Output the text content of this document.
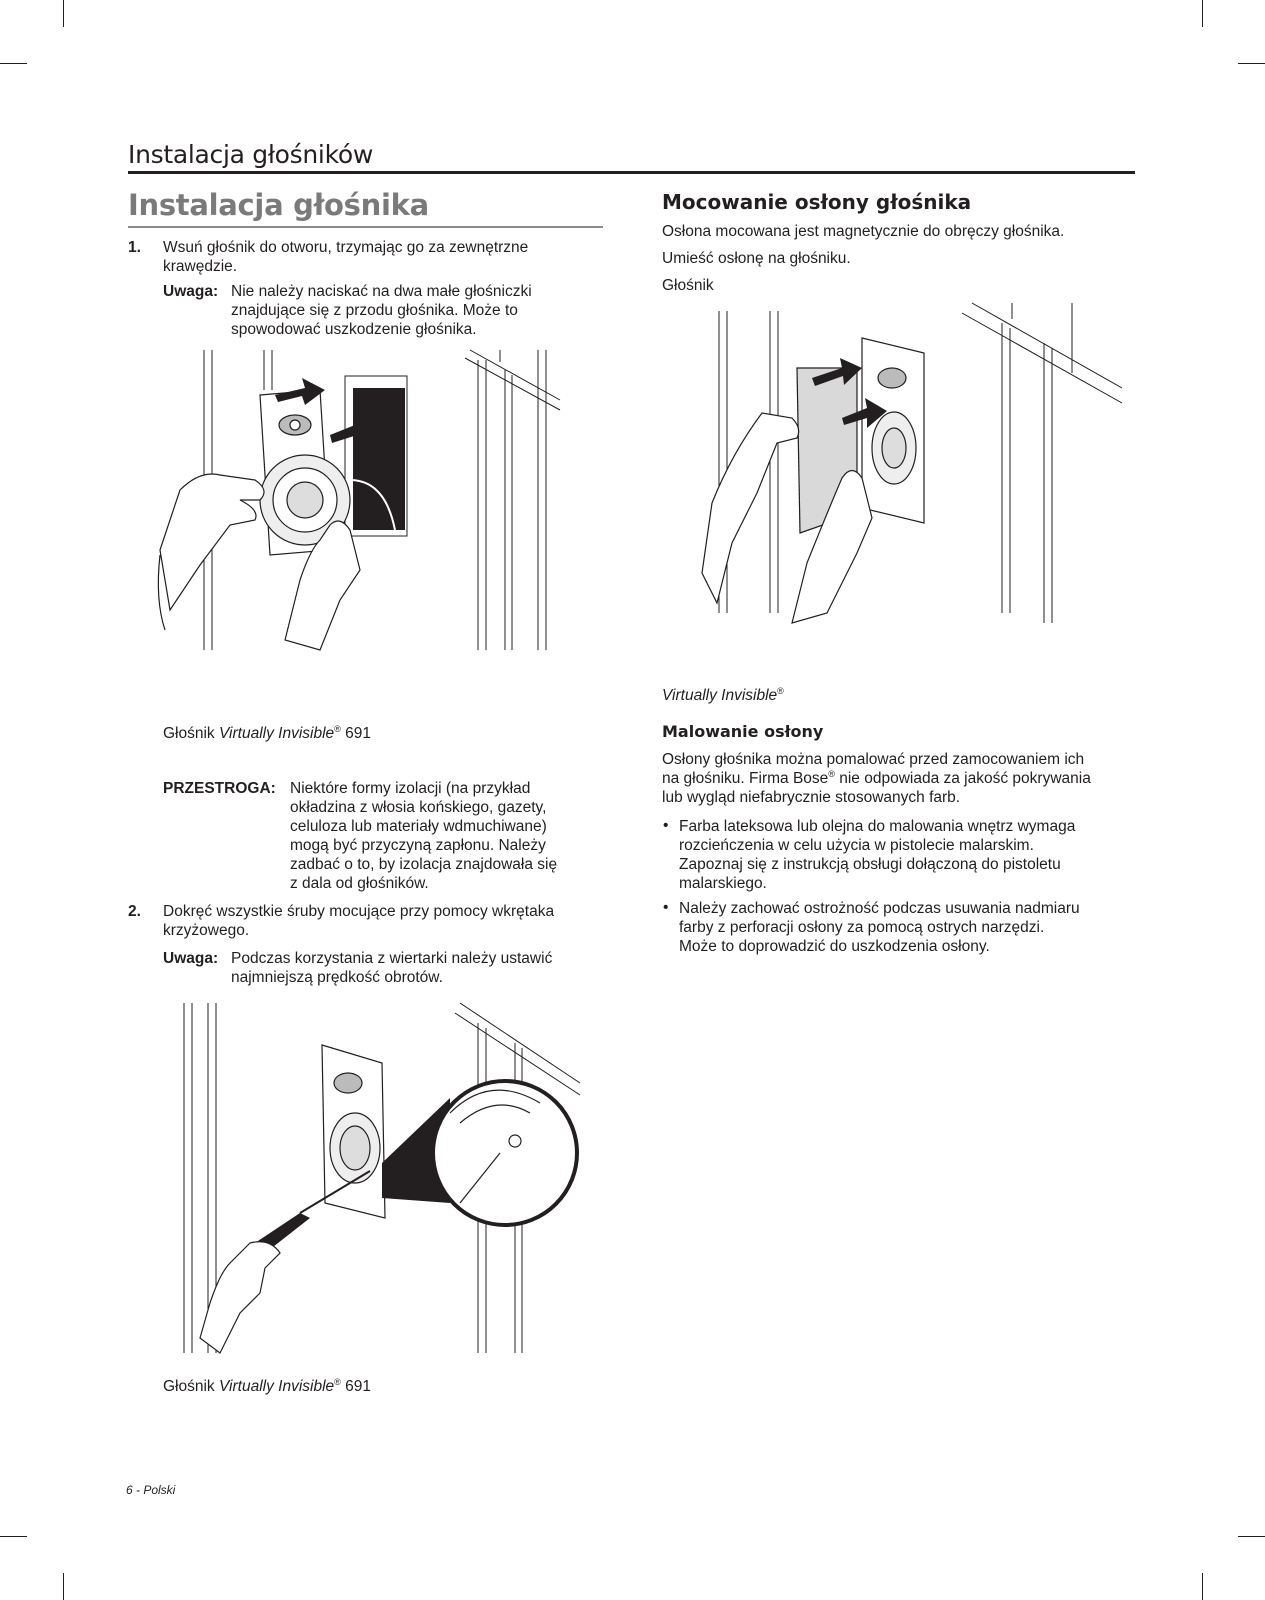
Instalacja głośników
Instalacja głośnika
1. Wsuń głośnik do otworu, trzymając go za zewnętrzne
krawędzie.
Uwaga: Nie należy naciskać na dwa małe głośniczki
znajdujące się z przodu głośnika. Może to
spowodować uszkodzenie głośnika.
Głośnik Virtually Invisible® 691
PRZESTROGA: Niektóre formy izolacji (na przykład
okładzina z włosia końskiego, gazety,
celuloza lub materiały wdmuchiwane)
mogą być przyczyną zapłonu. Należy
zadbać o to, by izolacja znajdowała się
z dala od głośników.
2. Dokręć wszystkie śruby mocujące przy pomocy wkrętaka
krzyżowego.
Uwaga: Podczas korzystania z wiertarki należy ustawić
najmniejszą prędkość obrotów.
Głośnik Virtually Invisible® 691
Mocowanie osłony głośnika
Osłona mocowana jest magnetycznie do obręczy głośnika.
Umieść osłonę na głośniku.
Głośnik
Virtually Invisible®
Malowanie osłony
Osłony głośnika można pomalować przed zamocowaniem ich
na głośniku. Firma Bose® nie odpowiada za jakość pokrywania
lub wygląd niefabrycznie stosowanych farb.
• Farba lateksowa lub olejna do malowania wnętrz wymaga
rozcieńczenia w celu użycia w pistolecie malarskim.
Zapoznaj się z instrukcją obsługi dołączoną do pistoletu
malarskiego.
• Należy zachować ostrożność podczas usuwania nadmiaru
farby z perforacji osłony za pomocą ostrych narzędzi.
Może to doprowadzić do uszkodzenia osłony.
6 - Polski
